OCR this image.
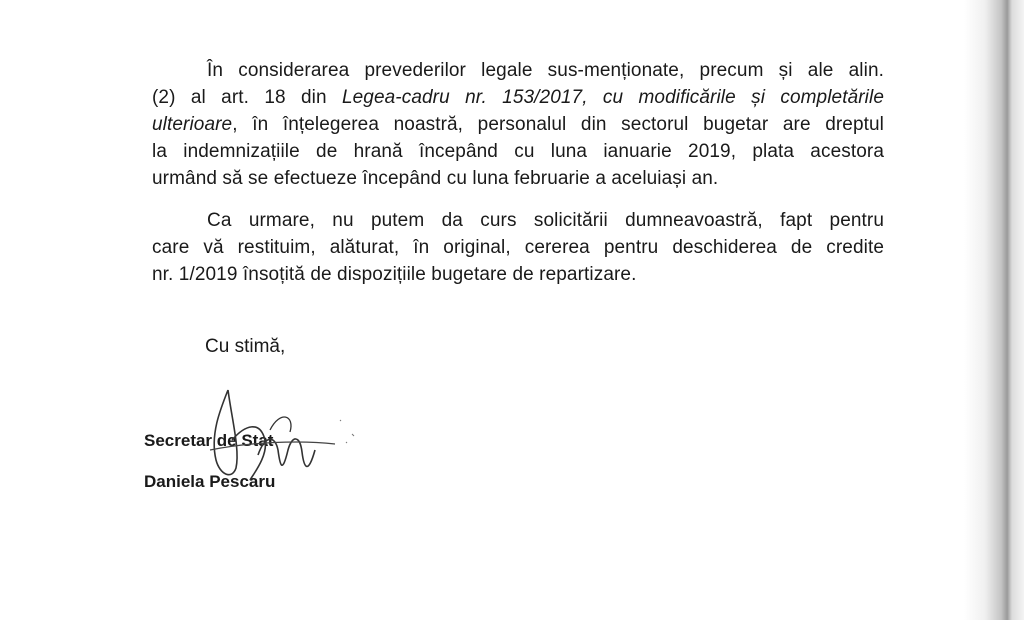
În considerarea prevederilor legale sus-menționate, precum și ale alin.
(2) al art. 18 din Legea-cadru nr. 153/2017, cu modificările și completările
ulterioare, în înțelegerea noastră, personalul din sectorul bugetar are dreptul
la indemnizațiile de hrană începând cu luna ianuarie 2019, plata acestora
urmând să se efectueze începând cu luna februarie a aceluiași an.
Ca urmare, nu putem da curs solicitării dumneavoastră, fapt pentru
care vă restituim, alăturat, în original, cererea pentru deschiderea de credite
nr. 1/2019 însoțită de dispozițiile bugetare de repartizare.

Cu stimă,

Secretar de Stat
Daniela Pescaru
